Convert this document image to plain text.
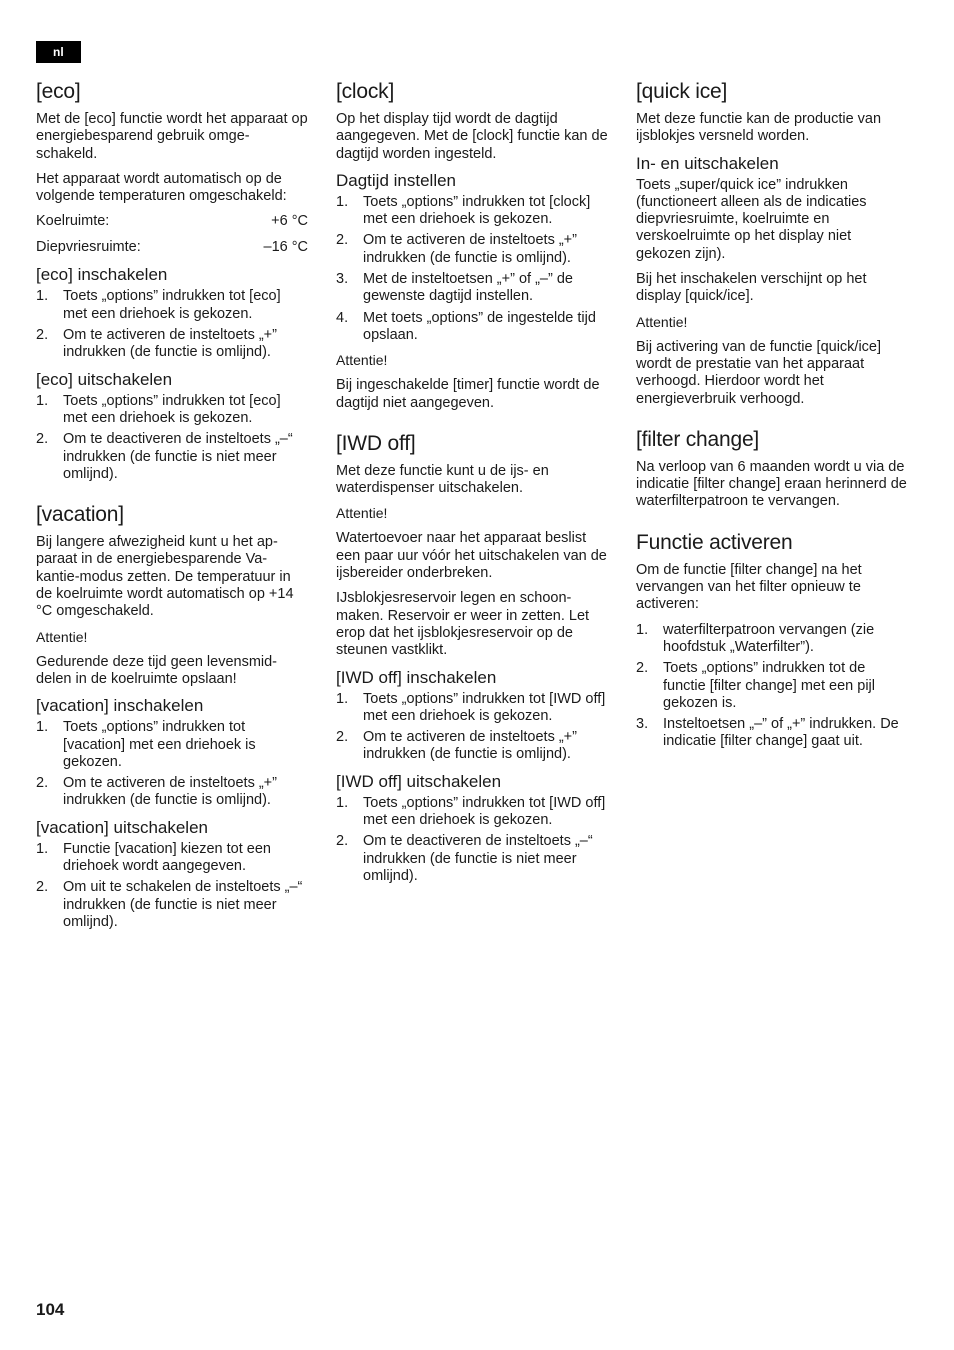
nl
[eco]

Met de [eco] functie wordt het apparaat op energiebesparend gebruik omge-schakeld.

Het apparaat wordt automatisch op de volgende temperaturen omgeschakeld:

Koelruimte:	+6 °C
Diepvriesruimte:	–16 °C
[eco] inschakelen
1. Toets „options” indrukken tot [eco] met een driehoek is gekozen.
2. Om te activeren de insteltoets „+” indrukken (de functie is omlijnd).
[eco] uitschakelen
1. Toets „options” indrukken tot [eco] met een driehoek is gekozen.
2. Om te deactiveren de insteltoets „–“ indrukken (de functie is niet meer omlijnd).
[vacation]

Bij langere afwezigheid kunt u het ap-paraat in de energiebesparende Va-kantie-modus zetten. De temperatuur in de koelruimte wordt automatisch op +14 °C omgeschakeld.

Attentie!

Gedurende deze tijd geen levensmid-delen in de koelruimte opslaan!

[vacation] inschakelen
1. Toets „options” indrukken tot [vacation] met een driehoek is gekozen.
2. Om te activeren de insteltoets „+” indrukken (de functie is omlijnd).
[vacation] uitschakelen
1. Functie [vacation] kiezen tot een driehoek wordt aangegeven.
2. Om uit te schakelen de insteltoets „–“ indrukken (de functie is niet meer omlijnd).
[clock]

Op het display tijd wordt de dagtijd aangegeven. Met de [clock] functie kan de dagtijd worden ingesteld.

Dagtijd instellen
1. Toets „options” indrukken tot [clock] met een driehoek is gekozen.
2. Om te activeren de insteltoets „+” indrukken (de functie is omlijnd).
3. Met de insteltoetsen „+” of „–” de gewenste dagtijd instellen.
4. Met toets „options” de ingestelde tijd opslaan.

Attentie!

Bij ingeschakelde [timer] functie wordt de dagtijd niet aangegeven.

[IWD off]

Met deze functie kunt u de ijs- en waterdispenser uitschakelen.

Attentie!

Watertoevoer naar het apparaat beslist een paar uur vóór het uitschakelen van de ijsbereider onderbreken.

IJsblokjesreservoir legen en schoon-maken. Reservoir er weer in zetten. Let erop dat het ijsblokjesreservoir op de steunen vastklikt.

[IWD off] inschakelen
1. Toets „options” indrukken tot [IWD off] met een driehoek is gekozen.
2. Om te activeren de insteltoets „+” indrukken (de functie is omlijnd).
[IWD off] uitschakelen
1. Toets „options” indrukken tot [IWD off] met een driehoek is gekozen.
2. Om te deactiveren de insteltoets „–“ indrukken (de functie is niet meer omlijnd).
[quick ice]

Met deze functie kan de productie van ijsblokjes versneld worden.

In- en uitschakelen

Toets „super/quick ice” indrukken (functioneert alleen als de indicaties diepvriesruimte, koelruimte en verskoelruimte op het display niet gekozen zijn).

Bij het inschakelen verschijnt op het display [quick/ice].

Attentie!

Bij activering van de functie [quick/ice] wordt de prestatie van het apparaat verhoogd. Hierdoor wordt het energieverbruik verhoogd.

[filter change]

Na verloop van 6 maanden wordt u via de indicatie [filter change] eraan herinnerd de waterfilterpatroon te vervangen.

Functie activeren

Om de functie [filter change] na het vervangen van het filter opnieuw te activeren:

1. waterfilterpatroon vervangen (zie hoofdstuk „Waterfilter”).
2. Toets „options” indrukken tot de functie [filter change] met een pijl gekozen is.
3. Insteltoetsen „–” of „+” indrukken. De indicatie [filter change] gaat uit.
104
